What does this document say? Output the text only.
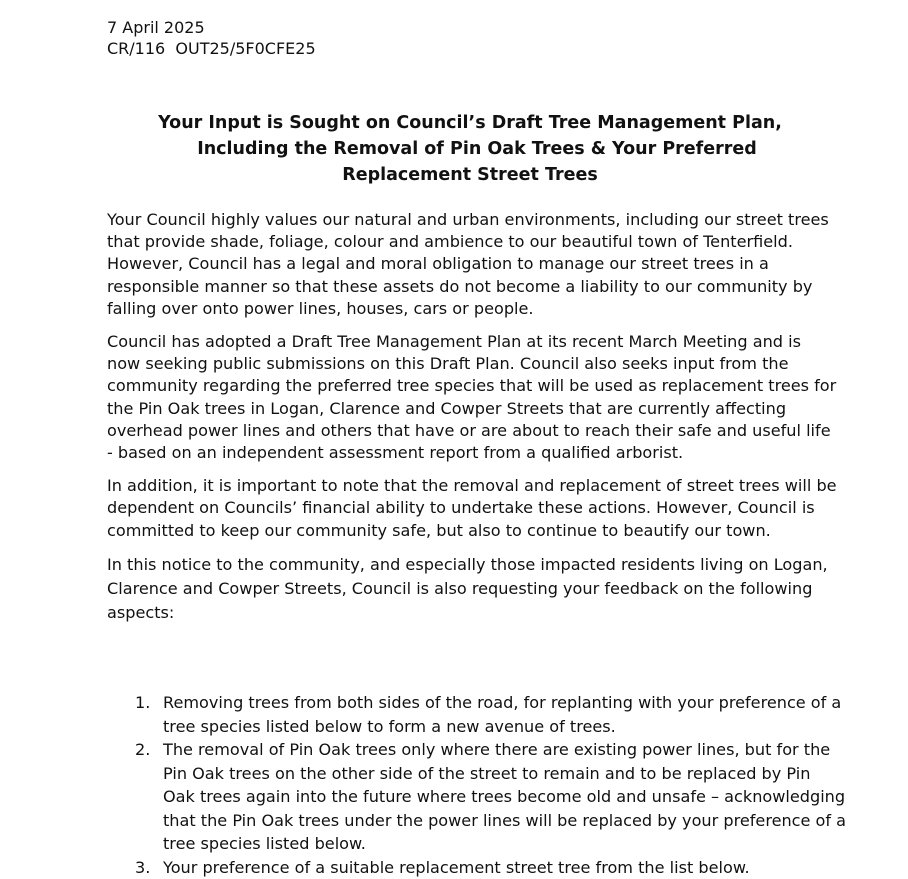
7 April 2025
CR/116  OUT25/5F0CFE25
Your Input is Sought on Council’s Draft Tree Management Plan,
Including the Removal of Pin Oak Trees & Your Preferred
Replacement Street Trees

Your Council highly values our natural and urban environments, including our street trees that provide shade, foliage, colour and ambience to our beautiful town of Tenterfield. However, Council has a legal and moral obligation to manage our street trees in a responsible manner so that these assets do not become a liability to our community by falling over onto power lines, houses, cars or people.

Council has adopted a Draft Tree Management Plan at its recent March Meeting and is now seeking public submissions on this Draft Plan. Council also seeks input from the community regarding the preferred tree species that will be used as replacement trees for the Pin Oak trees in Logan, Clarence and Cowper Streets that are currently affecting overhead power lines and others that have or are about to reach their safe and useful life - based on an independent assessment report from a qualified arborist.

In addition, it is important to note that the removal and replacement of street trees will be dependent on Councils’ financial ability to undertake these actions. However, Council is committed to keep our community safe, but also to continue to beautify our town.

In this notice to the community, and especially those impacted residents living on Logan, Clarence and Cowper Streets, Council is also requesting your feedback on the following aspects:

1. Removing trees from both sides of the road, for replanting with your preference of a tree species listed below to form a new avenue of trees.
2. The removal of Pin Oak trees only where there are existing power lines, but for the Pin Oak trees on the other side of the street to remain and to be replaced by Pin Oak trees again into the future where trees become old and unsafe – acknowledging that the Pin Oak trees under the power lines will be replaced by your preference of a tree species listed below.
3. Your preference of a suitable replacement street tree from the list below.
